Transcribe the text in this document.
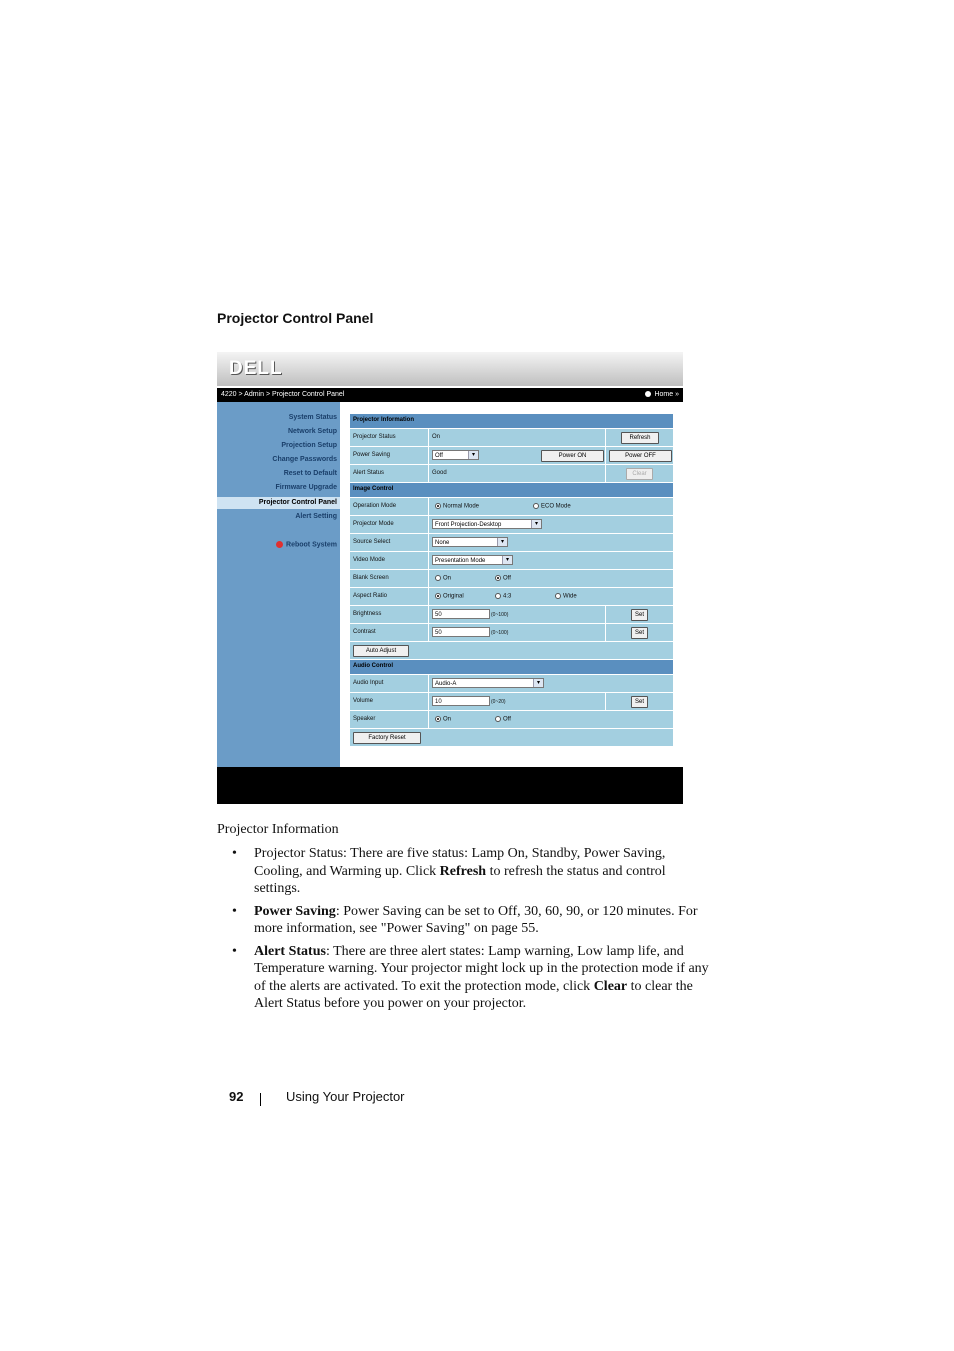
Projector Control Panel
DELL
4220 > Admin > Projector Control Panel	Home »
System Status
Network Setup
Projection Setup
Change Passwords
Reset to Default
Firmware Upgrade
Projector Control Panel
Alert Setting
Reboot System
Projector Information
Projector Status	On	Refresh
Power Saving	Off	▾	Power ON	Power OFF
Alert Status	Good	Clear
Image Control
Operation Mode	Normal Mode	ECO Mode
Projector Mode	Front Projection-Desktop	▾
Source Select	None	▾
Video Mode	Presentation Mode	▾
Blank Screen	On	Off
Aspect Ratio	Original	4:3	Wide
Brightness	50	(0~100)	Set
Contrast	50	(0~100)	Set
Auto Adjust
Audio Control
Audio Input	Audio-A	▾
Volume	10	(0~20)	Set
Speaker	On	Off
Factory Reset
Projector Information
• Projector Status: There are five status: Lamp On, Standby, Power Saving, Cooling, and Warming up. Click Refresh to refresh the status and control settings.
• Power Saving: Power Saving can be set to Off, 30, 60, 90, or 120 minutes. For more information, see "Power Saving" on page 55.
• Alert Status: There are three alert states: Lamp warning, Low lamp life, and Temperature warning. Your projector might lock up in the protection mode if any of the alerts are activated. To exit the protection mode, click Clear to clear the Alert Status before you power on your projector.
92	Using Your Projector
